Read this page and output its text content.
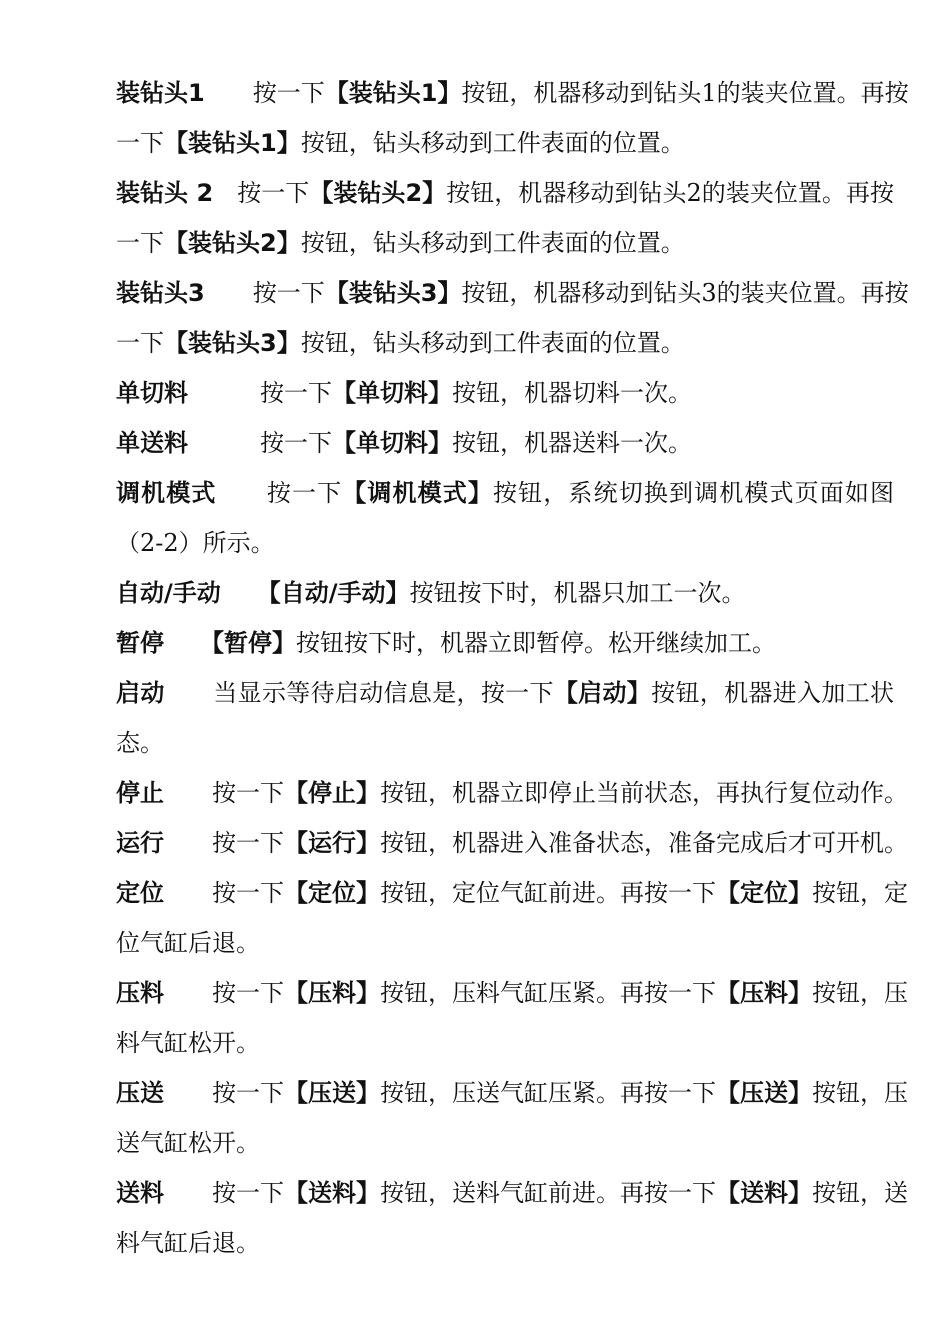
装钻头1　　按一下【装钻头1】按钮，机器移动到钻头1的装夹位置。再按
一下【装钻头1】按钮，钻头移动到工件表面的位置。
装钻头 2　按一下【装钻头2】按钮，机器移动到钻头2的装夹位置。再按
一下【装钻头2】按钮，钻头移动到工件表面的位置。
装钻头3　　按一下【装钻头3】按钮，机器移动到钻头3的装夹位置。再按
一下【装钻头3】按钮，钻头移动到工件表面的位置。
单切料　　　按一下【单切料】按钮，机器切料一次。
单送料　　　按一下【单切料】按钮，机器送料一次。
调机模式　　按一下【调机模式】按钮，系统切换到调机模式页面如图
（2-2）所示。
自动/手动　　 【自动/手动】按钮按下时，机器只加工一次。
暂停　　 【暂停】按钮按下时，机器立即暂停。松开继续加工。
启动　　当显示等待启动信息是，按一下【启动】按钮，机器进入加工状
态。
停止　　按一下【停止】按钮，机器立即停止当前状态，再执行复位动作。
运行　　按一下【运行】按钮，机器进入准备状态，准备完成后才可开机。
定位　　按一下【定位】按钮，定位气缸前进。再按一下【定位】按钮，定
位气缸后退。
压料　　按一下【压料】按钮，压料气缸压紧。再按一下【压料】按钮，压
料气缸松开。
压送　　按一下【压送】按钮，压送气缸压紧。再按一下【压送】按钮，压
送气缸松开。
送料　　按一下【送料】按钮，送料气缸前进。再按一下【送料】按钮，送
料气缸后退。
